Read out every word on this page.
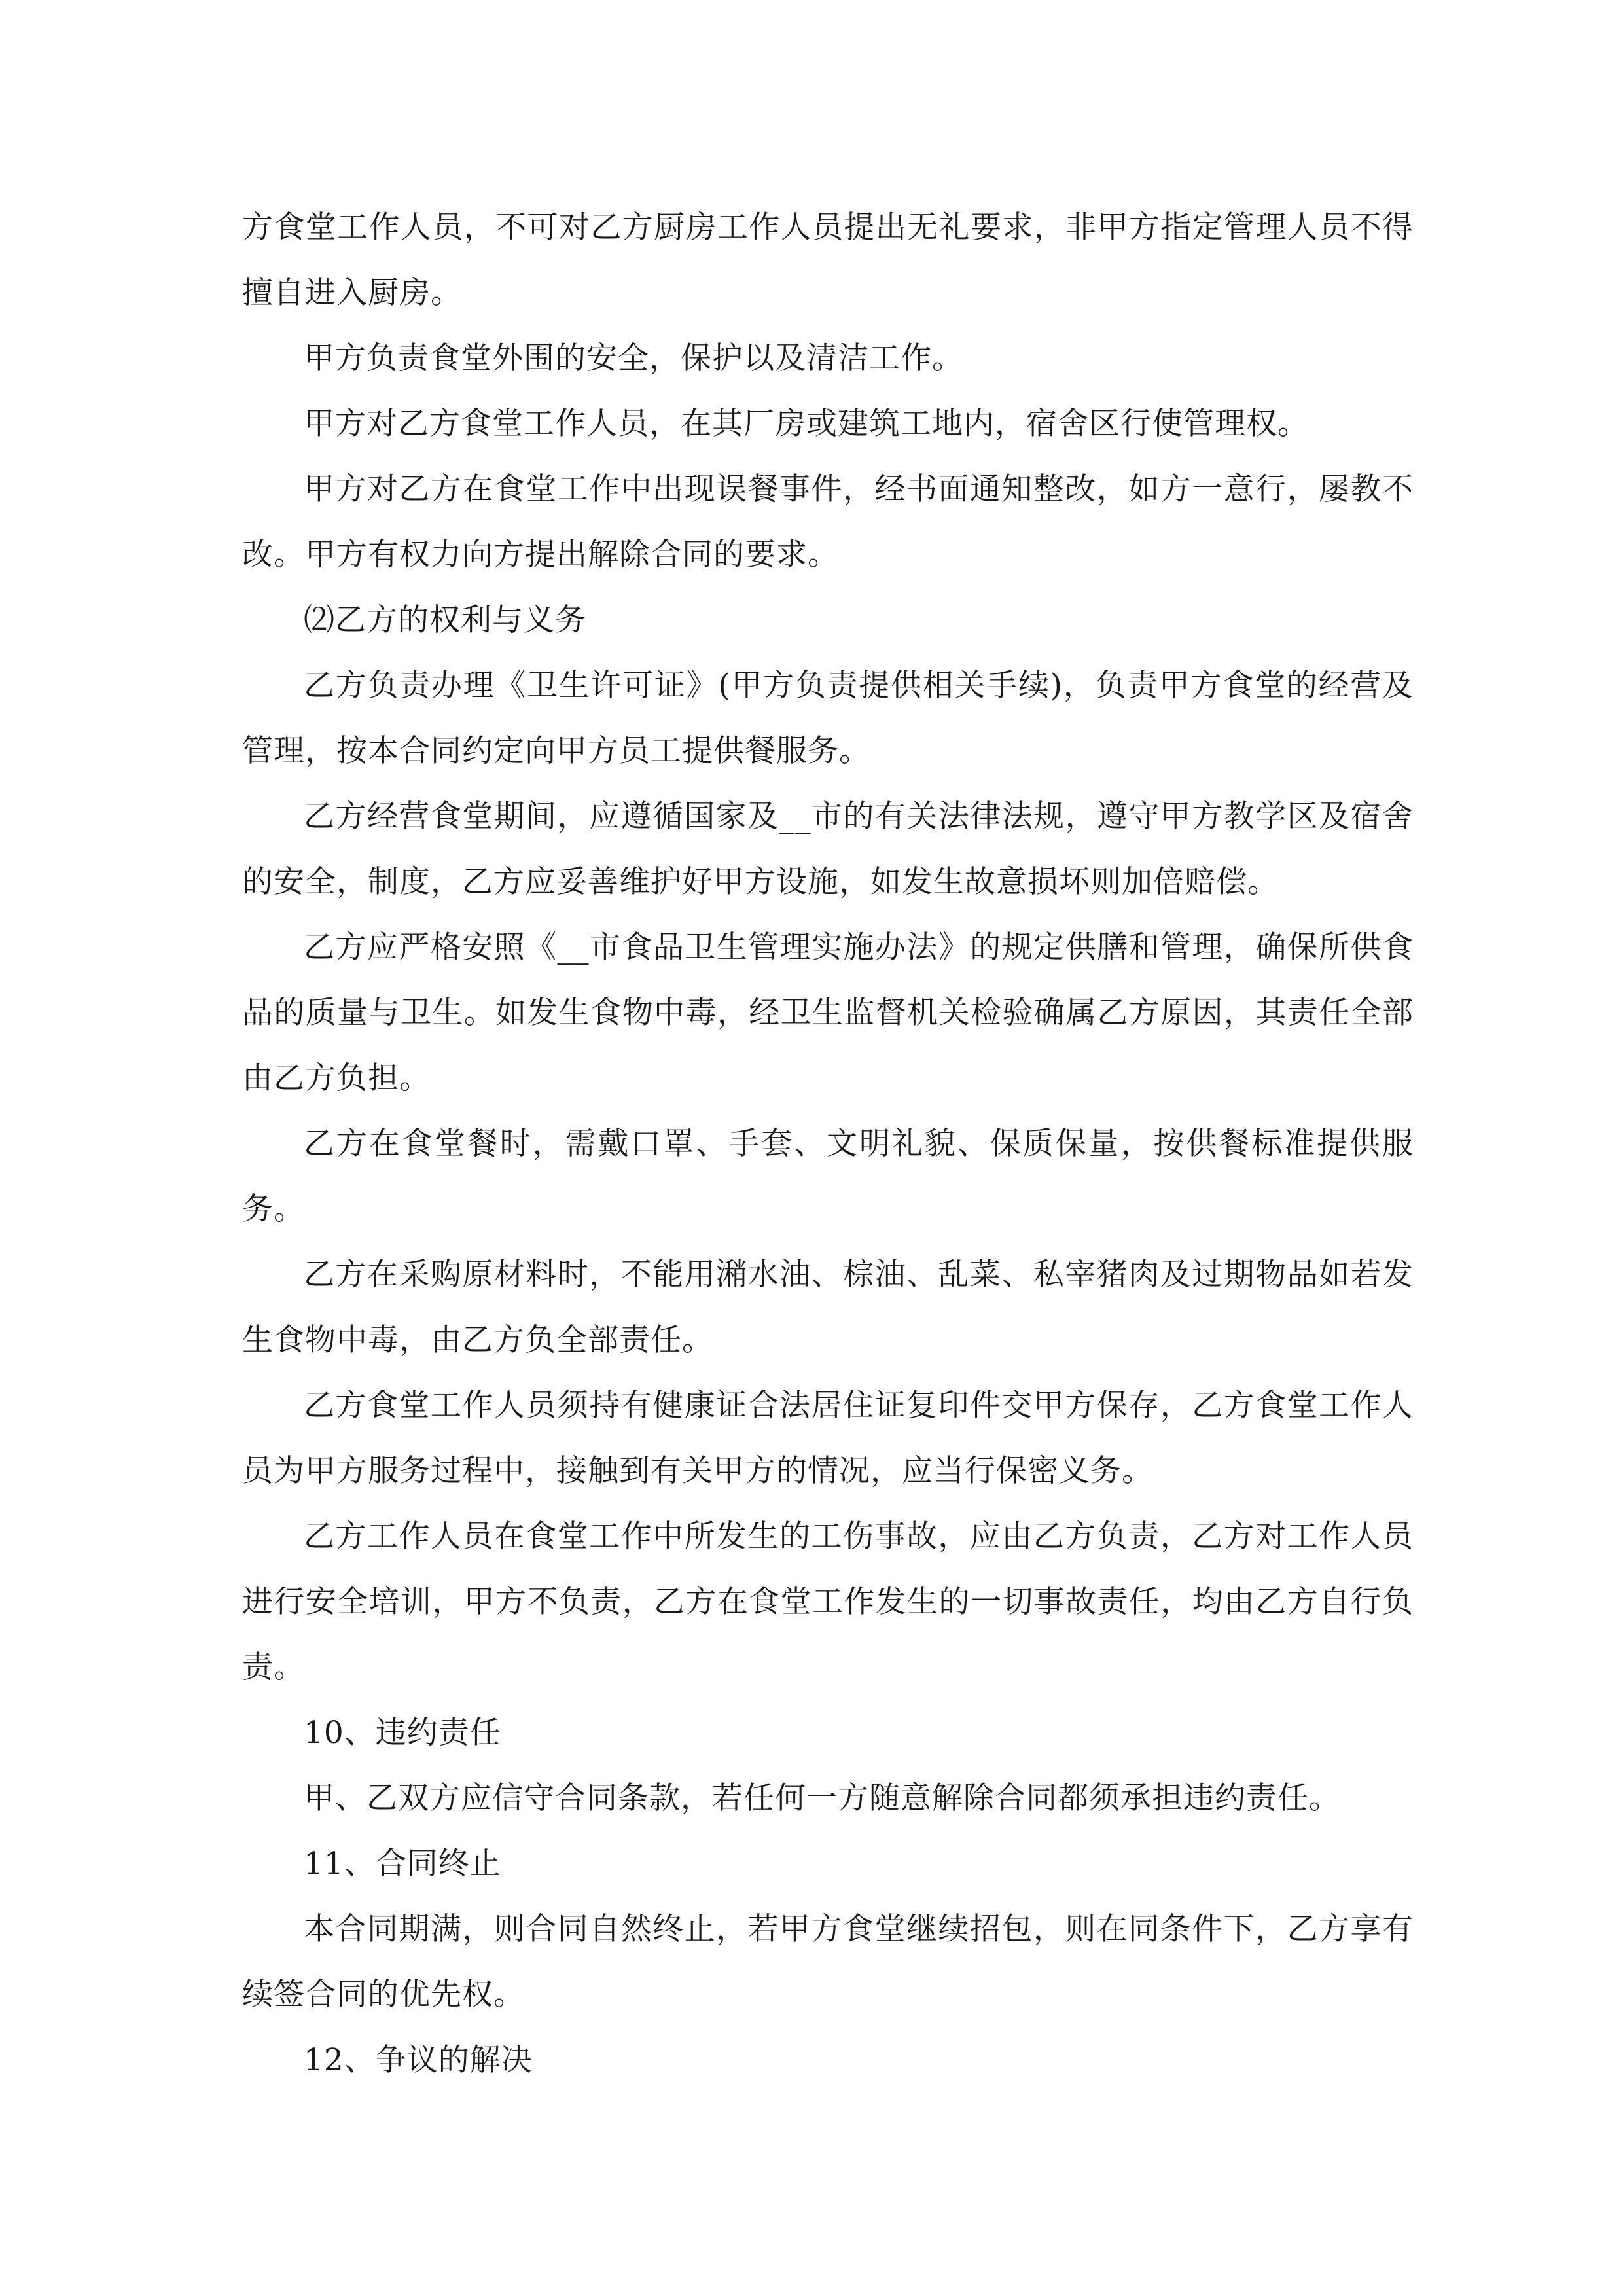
方食堂工作人员，不可对乙方厨房工作人员提出无礼要求，非甲方指定管理人员不得擅自进入厨房。

甲方负责食堂外围的安全，保护以及清洁工作。

甲方对乙方食堂工作人员，在其厂房或建筑工地内，宿舍区行使管理权。

甲方对乙方在食堂工作中出现误餐事件，经书面通知整改，如方一意行，屡教不改。甲方有权力向方提出解除合同的要求。

⑵乙方的权利与义务

乙方负责办理《卫生许可证》(甲方负责提供相关手续)，负责甲方食堂的经营及管理，按本合同约定向甲方员工提供餐服务。

乙方经营食堂期间，应遵循国家及__市的有关法律法规，遵守甲方教学区及宿舍的安全，制度，乙方应妥善维护好甲方设施，如发生故意损坏则加倍赔偿。

乙方应严格安照《__市食品卫生管理实施办法》的规定供膳和管理，确保所供食品的质量与卫生。如发生食物中毒，经卫生监督机关检验确属乙方原因，其责任全部由乙方负担。

乙方在食堂餐时，需戴口罩、手套、文明礼貌、保质保量，按供餐标准提供服务。

乙方在采购原材料时，不能用潲水油、棕油、乱菜、私宰猪肉及过期物品如若发生食物中毒，由乙方负全部责任。

乙方食堂工作人员须持有健康证合法居住证复印件交甲方保存，乙方食堂工作人员为甲方服务过程中，接触到有关甲方的情况，应当行保密义务。

乙方工作人员在食堂工作中所发生的工伤事故，应由乙方负责，乙方对工作人员进行安全培训，甲方不负责，乙方在食堂工作发生的一切事故责任，均由乙方自行负责。

10、违约责任

甲、乙双方应信守合同条款，若任何一方随意解除合同都须承担违约责任。

11、合同终止

本合同期满，则合同自然终止，若甲方食堂继续招包，则在同条件下，乙方享有续签合同的优先权。

12、争议的解决
